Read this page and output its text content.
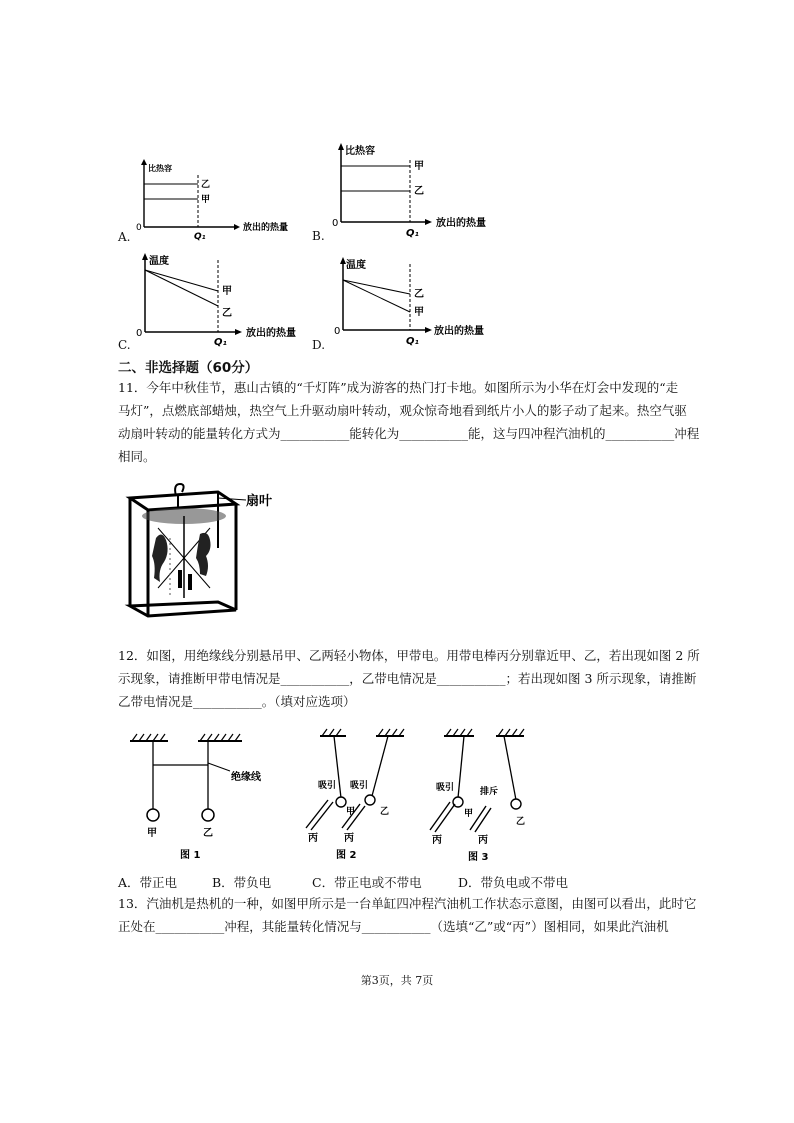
比热容
乙
甲
0
Q₁
放出的热量
A.
比热容
甲
乙
0
Q₁
放出的热量
B.
温度
甲
乙
0
Q₁
放出的热量
C.
温度
乙
甲
0
Q₁
放出的热量
D.
二、非选择题（60分）
11．今年中秋佳节，惠山古镇的“千灯阵”成为游客的热门打卡地。如图所示为小华在灯会中发现的“走
马灯”，点燃底部蜡烛，热空气上升驱动扇叶转动，观众惊奇地看到纸片小人的影子动了起来。热空气驱
动扇叶转动的能量转化方式为___________能转化为___________能，这与四冲程汽油机的___________冲程
相同。
扇叶
12．如图，用绝缘线分别悬吊甲、乙两轻小物体，甲带电。用带电棒丙分别靠近甲、乙，若出现如图 2 所
示现象，请推断甲带电情况是___________，乙带电情况是___________；若出现如图 3 所示现象，请推断
乙带电情况是___________。（填对应选项）
绝缘线
甲	乙
图 1
吸引 吸引
甲	乙
丙	丙
图 2
吸引	排斥
甲
乙
丙	丙
图 3
A．带正电	B．带负电	C．带正电或不带电	D．带负电或不带电
13．汽油机是热机的一种，如图甲所示是一台单缸四冲程汽油机工作状态示意图，由图可以看出，此时它
正处在___________冲程，其能量转化情况与___________（选填“乙”或“丙”）图相同，如果此汽油机
第3页，共 7页
